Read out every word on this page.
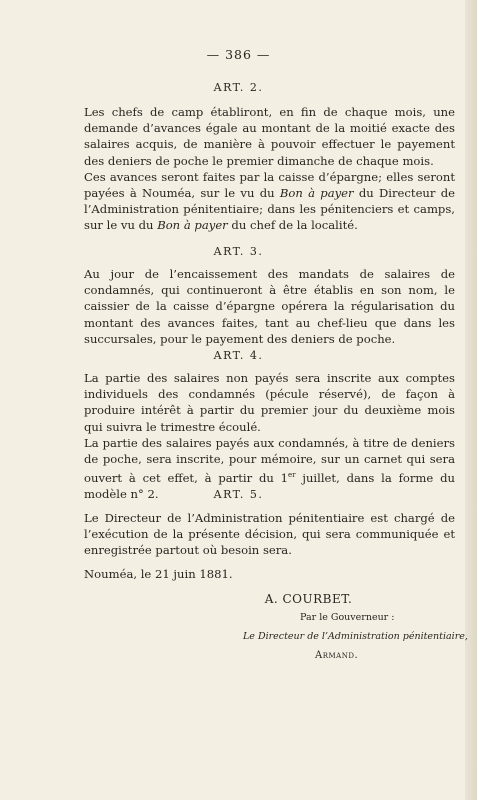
— 386 —
ART. 2.

Les chefs de camp établiront, en fin de chaque mois, une demande d’avances égale au montant de la moitié exacte des salaires acquis, de manière à pouvoir effectuer le payement des deniers de poche le premier dimanche de chaque mois.

Ces avances seront faites par la caisse d’épargne; elles seront payées à Nouméa, sur le vu du Bon à payer du Directeur de l’Administration pénitentiaire; dans les pénitenciers et camps, sur le vu du Bon à payer du chef de la localité.

ART. 3.

Au jour de l’encaissement des mandats de salaires de condamnés, qui continueront à être établis en son nom, le caissier de la caisse d’épargne opérera la régularisation du montant des avances faites, tant au chef-lieu que dans les succursales, pour le payement des deniers de poche.

ART. 4.

La partie des salaires non payés sera inscrite aux comptes individuels des condamnés (pécule réservé), de façon à produire intérêt à partir du premier jour du deuxième mois qui suivra le trimestre écoulé.

La partie des salaires payés aux condamnés, à titre de deniers de poche, sera inscrite, pour mémoire, sur un carnet qui sera ouvert à cet effet, à partir du 1er juillet, dans la forme du modèle n° 2.	ART. 5.

Le Directeur de l’Administration pénitentiaire est chargé de l’exécution de la présente décision, qui sera communiquée et enregistrée partout où besoin sera.

Nouméa, le 21 juin 1881.

A. COURBET.
Par le Gouverneur :
Le Directeur de l’Administration pénitentiaire,
Armand.
